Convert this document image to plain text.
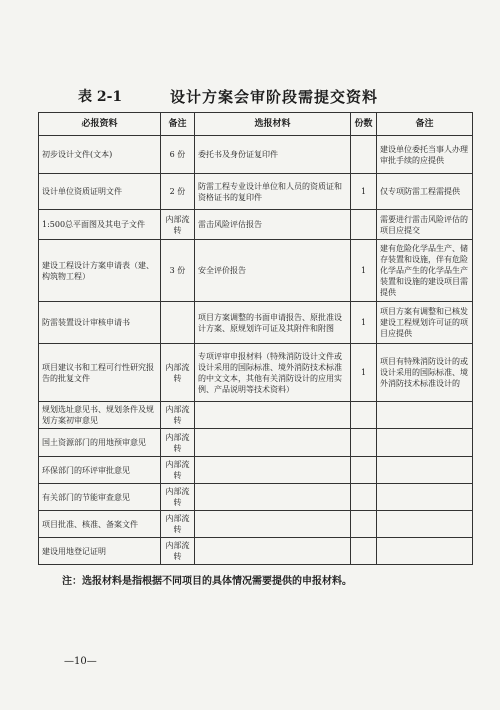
表 2-1	设计方案会审阶段需提交资料
必报资料	备注	选报材料	份数	备注
初步设计文件(文本)	6 份	委托书及身份证复印件		建设单位委托当事人办理审批手续的应提供
设计单位资质证明文件	2 份	防雷工程专业设计单位和人员的资质证和资格证书的复印件	1	仅专项防雷工程需提供
1:500总平面图及其电子文件	内部流转	雷击风险评估报告		需要进行雷击风险评估的项目应提交
建设工程设计方案申请表（建、构筑物工程）	3 份	安全评价报告	1	建有危险化学品生产、储存装置和设施，伴有危险化学品产生的化学品生产装置和设施的建设项目需提供
防雷装置设计审核申请书		项目方案调整的书面申请报告、原批准设计方案、原规划许可证及其附件和附图	1	项目方案有调整和已核发建设工程规划许可证的项目应提供
项目建议书和工程可行性研究报告的批复文件	内部流转	专项评审申报材料（特殊消防设计文件或设计采用的国际标准、境外消防技术标准的中文文本，其他有关消防设计的应用实例、产品说明等技术资料）	1	项目有特殊消防设计的或设计采用的国际标准、境外消防技术标准设计的
规划选址意见书、规划条件及规划方案初审意见	内部流转			
国土资源部门的用地预审意见	内部流转			
环保部门的环评审批意见	内部流转			
有关部门的节能审查意见	内部流转			
项目批准、核准、备案文件	内部流转			
建设用地登记证明	内部流转			
注：选报材料是指根据不同项目的具体情况需要提供的申报材料。
—10—
